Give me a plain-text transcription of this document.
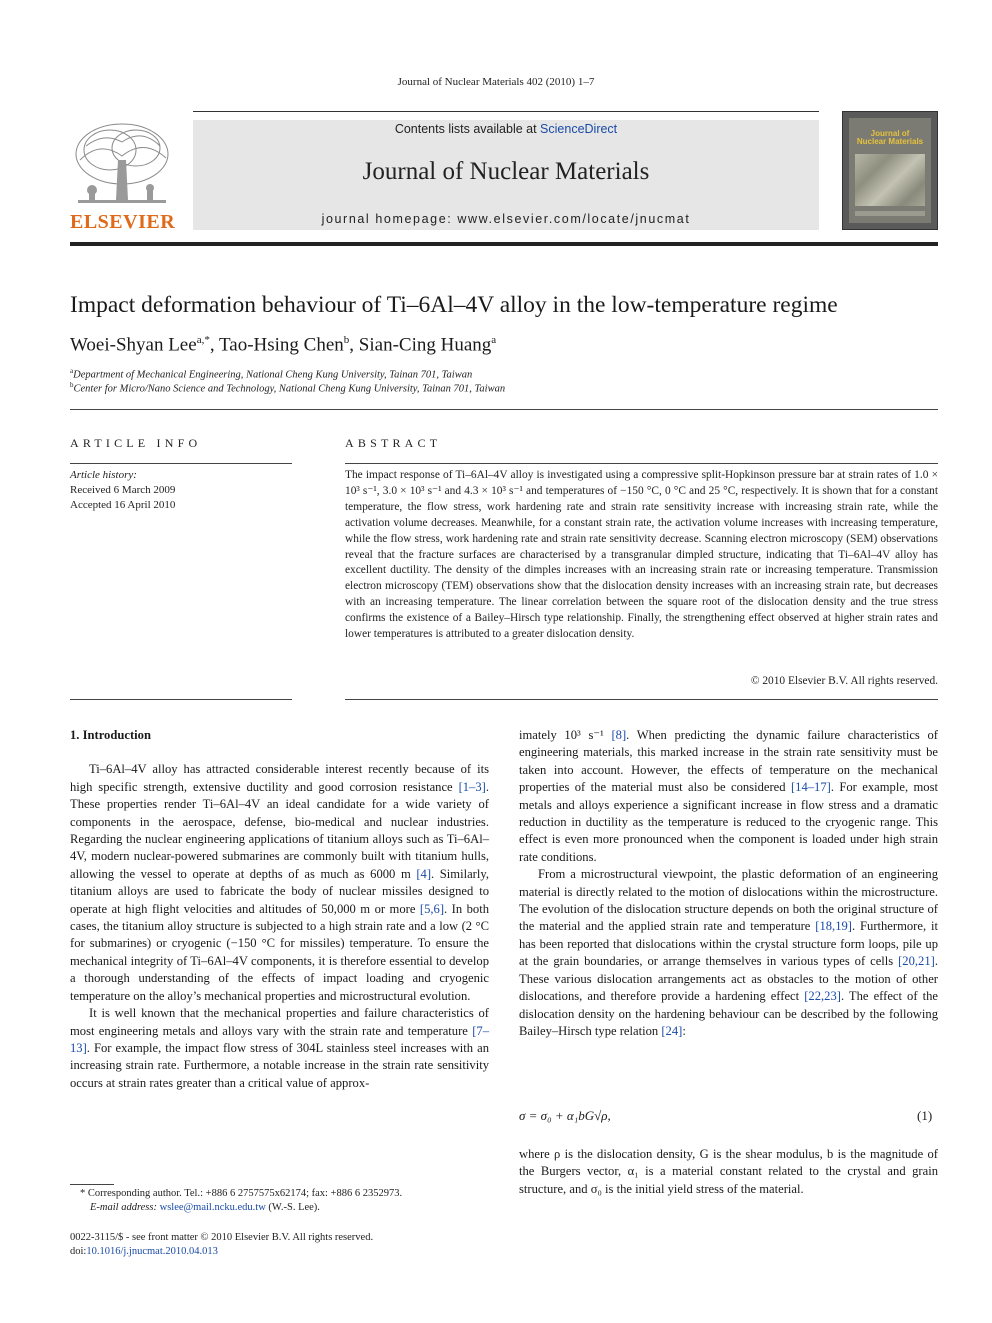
Journal of Nuclear Materials 402 (2010) 1–7
ELSEVIER
Contents lists available at ScienceDirect
Journal of Nuclear Materials
journal homepage: www.elsevier.com/locate/jnucmat
Journal of
Nuclear Materials
Impact deformation behaviour of Ti–6Al–4V alloy in the low-temperature regime
Woei-Shyan Lee$^{a,*}$, Tao-Hsing Chen$^b$, Sian-Cing Huang$^a$
$^a$Department of Mechanical Engineering, National Cheng Kung University, Tainan 701, Taiwan
$^b$Center for Micro/Nano Science and Technology, National Cheng Kung University, Tainan 701, Taiwan
ARTICLE INFO
Article history:
Received 6 March 2009
Accepted 16 April 2010
ABSTRACT
The impact response of Ti–6Al–4V alloy is investigated using a compressive split-Hopkinson pressure bar at strain rates of 1.0 × 10³ s⁻¹, 3.0 × 10³ s⁻¹ and 4.3 × 10³ s⁻¹ and temperatures of −150 °C, 0 °C and 25 °C, respectively. It is shown that for a constant temperature, the flow stress, work hardening rate and strain rate sensitivity increase with increasing strain rate, while the activation volume decreases. Meanwhile, for a constant strain rate, the activation volume increases with increasing temperature, while the flow stress, work hardening rate and strain rate sensitivity decrease. Scanning electron microscopy (SEM) observations reveal that the fracture surfaces are characterised by a transgranular dimpled structure, indicating that Ti–6Al–4V alloy has excellent ductility. The density of the dimples increases with an increasing strain rate or increasing temperature. Transmission electron microscopy (TEM) observations show that the dislocation density increases with an increasing strain rate, but decreases with an increasing temperature. The linear correlation between the square root of the dislocation density and the true stress confirms the existence of a Bailey–Hirsch type relationship. Finally, the strengthening effect observed at higher strain rates and lower temperatures is attributed to a greater dislocation density.
© 2010 Elsevier B.V. All rights reserved.

1. Introduction

Ti–6Al–4V alloy has attracted considerable interest recently because of its high specific strength, extensive ductility and good corrosion resistance [1–3]. These properties render Ti–6Al–4V an ideal candidate for a wide variety of components in the aerospace, defense, bio-medical and nuclear industries. Regarding the nuclear engineering applications of titanium alloys such as Ti–6Al–4V, modern nuclear-powered submarines are commonly built with titanium hulls, allowing the vessel to operate at depths of as much as 6000 m [4]. Similarly, titanium alloys are used to fabricate the body of nuclear missiles designed to operate at high flight velocities and altitudes of 50,000 m or more [5,6]. In both cases, the titanium alloy structure is subjected to a high strain rate and a low (2 °C for submarines) or cryogenic (−150 °C for missiles) temperature. To ensure the mechanical integrity of Ti–6Al–4V components, it is therefore essential to develop a thorough understanding of the effects of impact loading and cryogenic temperature on the alloy’s mechanical properties and microstructural evolution.

It is well known that the mechanical properties and failure characteristics of most engineering metals and alloys vary with the strain rate and temperature [7–13]. For example, the impact flow stress of 304L stainless steel increases with an increasing strain rate. Furthermore, a notable increase in the strain rate sensitivity occurs at strain rates greater than a critical value of approx-

imately 10³ s⁻¹ [8]. When predicting the dynamic failure characteristics of engineering materials, this marked increase in the strain rate sensitivity must be taken into account. However, the effects of temperature on the mechanical properties of the material must also be considered [14–17]. For example, most metals and alloys experience a significant increase in flow stress and a dramatic reduction in ductility as the temperature is reduced to the cryogenic range. This effect is even more pronounced when the component is loaded under high strain rate conditions.

From a microstructural viewpoint, the plastic deformation of an engineering material is directly related to the motion of dislocations within the microstructure. The evolution of the dislocation structure depends on both the original structure of the material and the applied strain rate and temperature [18,19]. Furthermore, it has been reported that dislocations within the crystal structure form loops, pile up at the grain boundaries, or arrange themselves in various types of cells [20,21]. These various dislocation arrangements act as obstacles to the motion of other dislocations, and therefore provide a hardening effect [22,23]. The effect of the dislocation density on the hardening behaviour can be described by the following Bailey–Hirsch type relation [24]:

σ = σ₀ + α₁bG√ρ,	(1)

where ρ is the dislocation density, G is the shear modulus, b is the magnitude of the Burgers vector, α₁ is a material constant related to the crystal and grain structure, and σ₀ is the initial yield stress of the material.

* Corresponding author. Tel.: +886 6 2757575x62174; fax: +886 6 2352973.
E-mail address: wslee@mail.ncku.edu.tw (W.-S. Lee).
0022-3115/$ - see front matter © 2010 Elsevier B.V. All rights reserved.
doi:10.1016/j.jnucmat.2010.04.013
